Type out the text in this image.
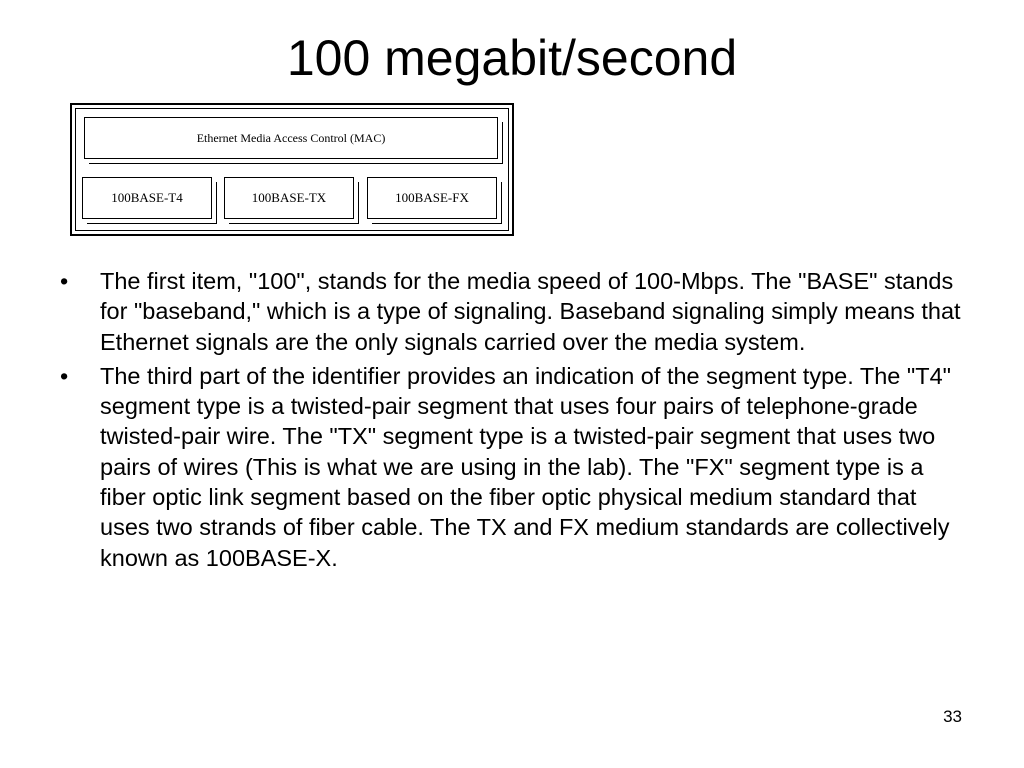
100 megabit/second
Ethernet Media Access Control (MAC)
100BASE-T4	100BASE-TX	100BASE-FX
•	The first item, "100", stands for the media speed of 100-Mbps. The "BASE" stands for "baseband," which is a type of signaling. Baseband signaling simply means that Ethernet signals are the only signals carried over the media system.
•	The third part of the identifier provides an indication of the segment type. The "T4" segment type is a twisted-pair segment that uses four pairs of telephone-grade twisted-pair wire. The "TX" segment type is a twisted-pair segment that uses two pairs of wires (This is what we are using in the lab). The "FX" segment type is a fiber optic link segment based on the fiber optic physical medium standard that uses two strands of fiber cable. The TX and FX medium standards are collectively known as 100BASE-X.
33
